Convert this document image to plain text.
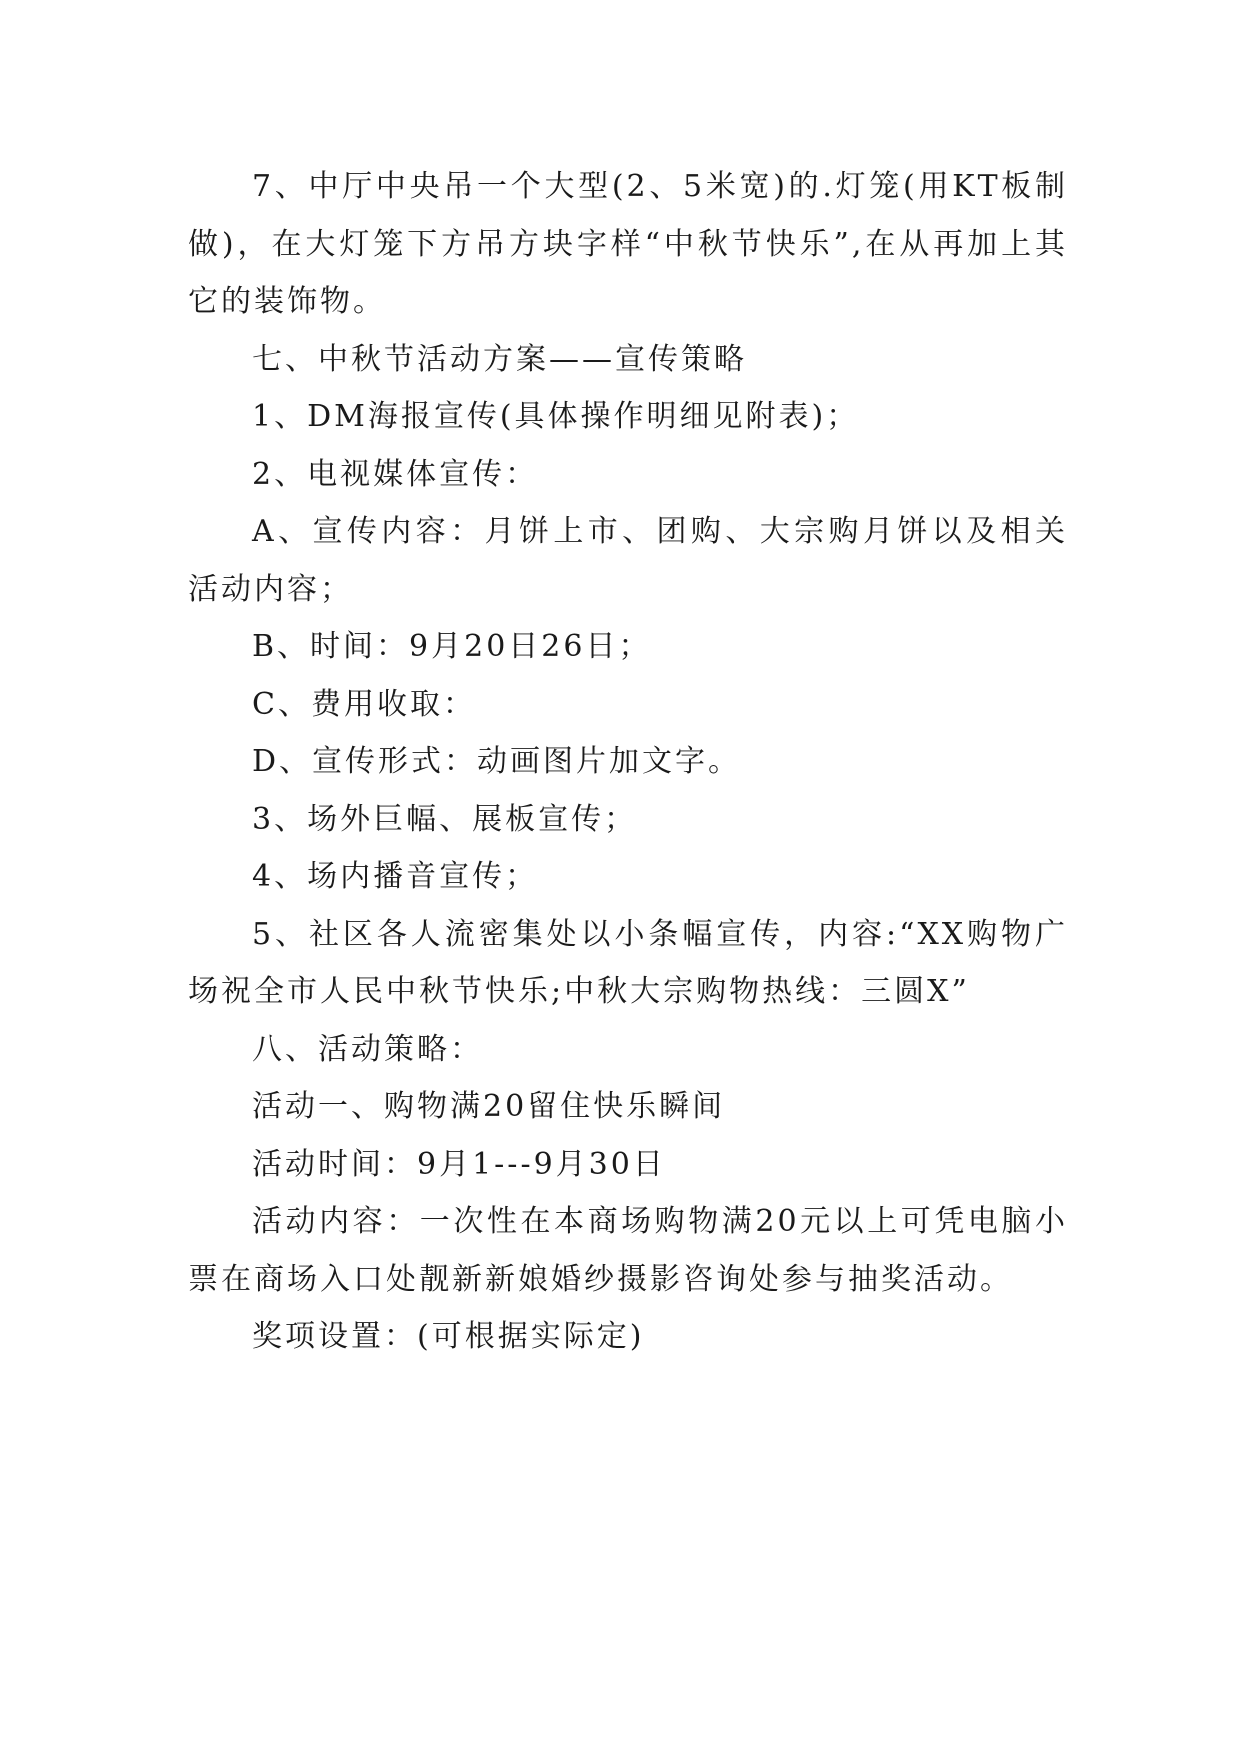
7、中厅中央吊一个大型(2、5米宽)的.灯笼(用KT板制做)，在大灯笼下方吊方块字样“中秋节快乐”,在从再加上其它的装饰物。

七、中秋节活动方案——宣传策略

1、DM海报宣传(具体操作明细见附表)；

2、电视媒体宣传：

A、宣传内容：月饼上市、团购、大宗购月饼以及相关活动内容；

B、时间：9月20日26日；

C、费用收取：

D、宣传形式：动画图片加文字。

3、场外巨幅、展板宣传；

4、场内播音宣传；

5、社区各人流密集处以小条幅宣传，内容:“XX购物广场祝全市人民中秋节快乐;中秋大宗购物热线：三圆X”

八、活动策略：

活动一、购物满20留住快乐瞬间

活动时间：9月1---9月30日

活动内容：一次性在本商场购物满20元以上可凭电脑小票在商场入口处靓新新娘婚纱摄影咨询处参与抽奖活动。

奖项设置：(可根据实际定)
